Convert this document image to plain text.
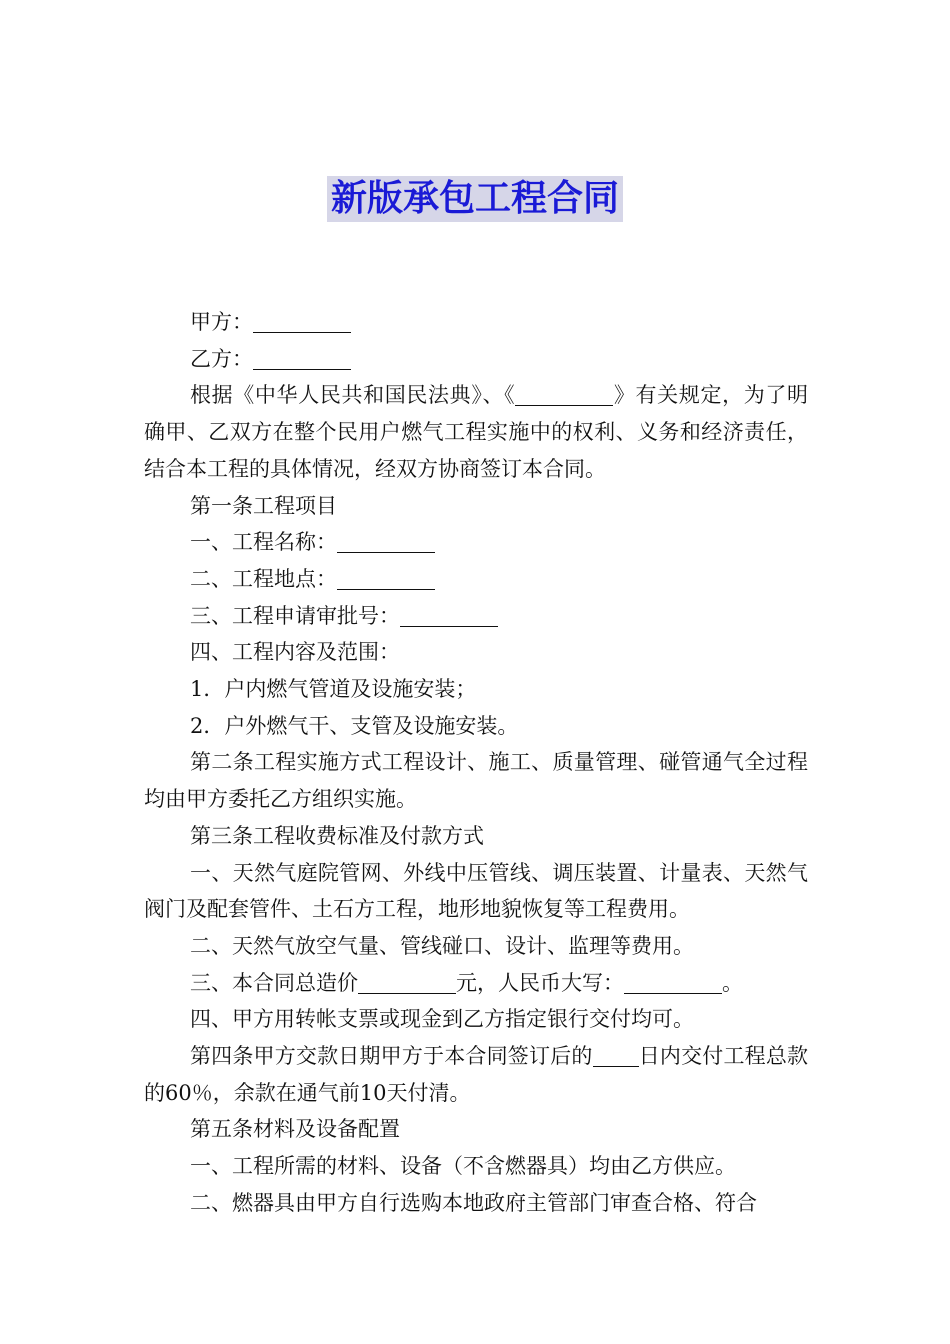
新版承包工程合同

甲方：

乙方：

根据《中华人民共和国民法典》、《	》有关规定，为了明确甲、乙双方在整个民用户燃气工程实施中的权利、义务和经济责任，结合本工程的具体情况，经双方协商签订本合同。

第一条工程项目

一、工程名称：

二、工程地点：

三、工程申请审批号：

四、工程内容及范围：

1．户内燃气管道及设施安装；

2．户外燃气干、支管及设施安装。

第二条工程实施方式工程设计、施工、质量管理、碰管通气全过程均由甲方委托乙方组织实施。

第三条工程收费标准及付款方式

一、天然气庭院管网、外线中压管线、调压装置、计量表、天然气阀门及配套管件、土石方工程，地形地貌恢复等工程费用。

二、天然气放空气量、管线碰口、设计、监理等费用。

三、本合同总造价	元，人民币大写：	。

四、甲方用转帐支票或现金到乙方指定银行交付均可。

第四条甲方交款日期甲方于本合同签订后的 日内交付工程总款的60％，余款在通气前10天付清。

第五条材料及设备配置

一、工程所需的材料、设备（不含燃器具）均由乙方供应。

二、燃器具由甲方自行选购本地政府主管部门审查合格、符合
